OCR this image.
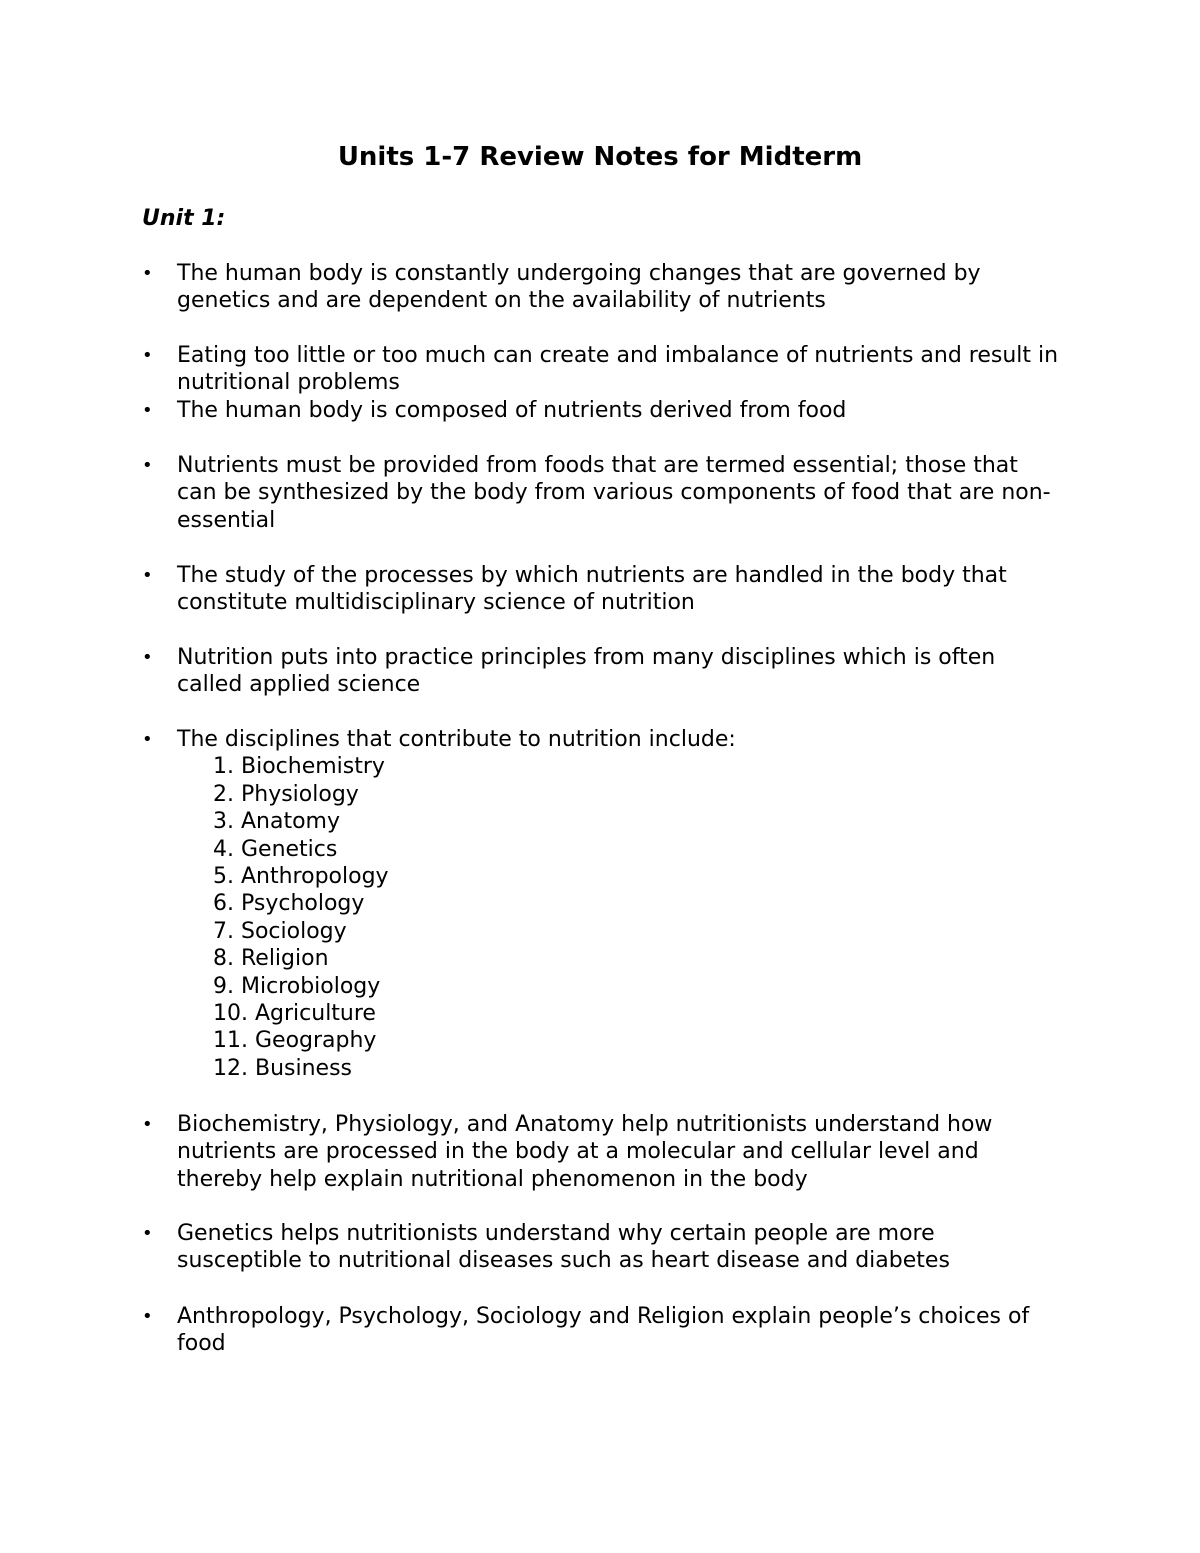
Units 1-7 Review Notes for Midterm
Unit 1:
•	The human body is constantly undergoing changes that are governed by genetics and are dependent on the availability of nutrients
•	Eating too little or too much can create and imbalance of nutrients and result in nutritional problems
•	The human body is composed of nutrients derived from food
•	Nutrients must be provided from foods that are termed essential; those that can be synthesized by the body from various components of food that are non-essential
•	The study of the processes by which nutrients are handled in the body that constitute multidisciplinary science of nutrition
•	Nutrition puts into practice principles from many disciplines which is often called applied science
•	The disciplines that contribute to nutrition include:
1. Biochemistry
2. Physiology
3. Anatomy
4. Genetics
5. Anthropology
6. Psychology
7. Sociology
8. Religion
9. Microbiology
10. Agriculture
11. Geography
12. Business
•	Biochemistry, Physiology, and Anatomy help nutritionists understand how nutrients are processed in the body at a molecular and cellular level and thereby help explain nutritional phenomenon in the body
•	Genetics helps nutritionists understand why certain people are more susceptible to nutritional diseases such as heart disease and diabetes
•	Anthropology, Psychology, Sociology and Religion explain people’s choices of food
